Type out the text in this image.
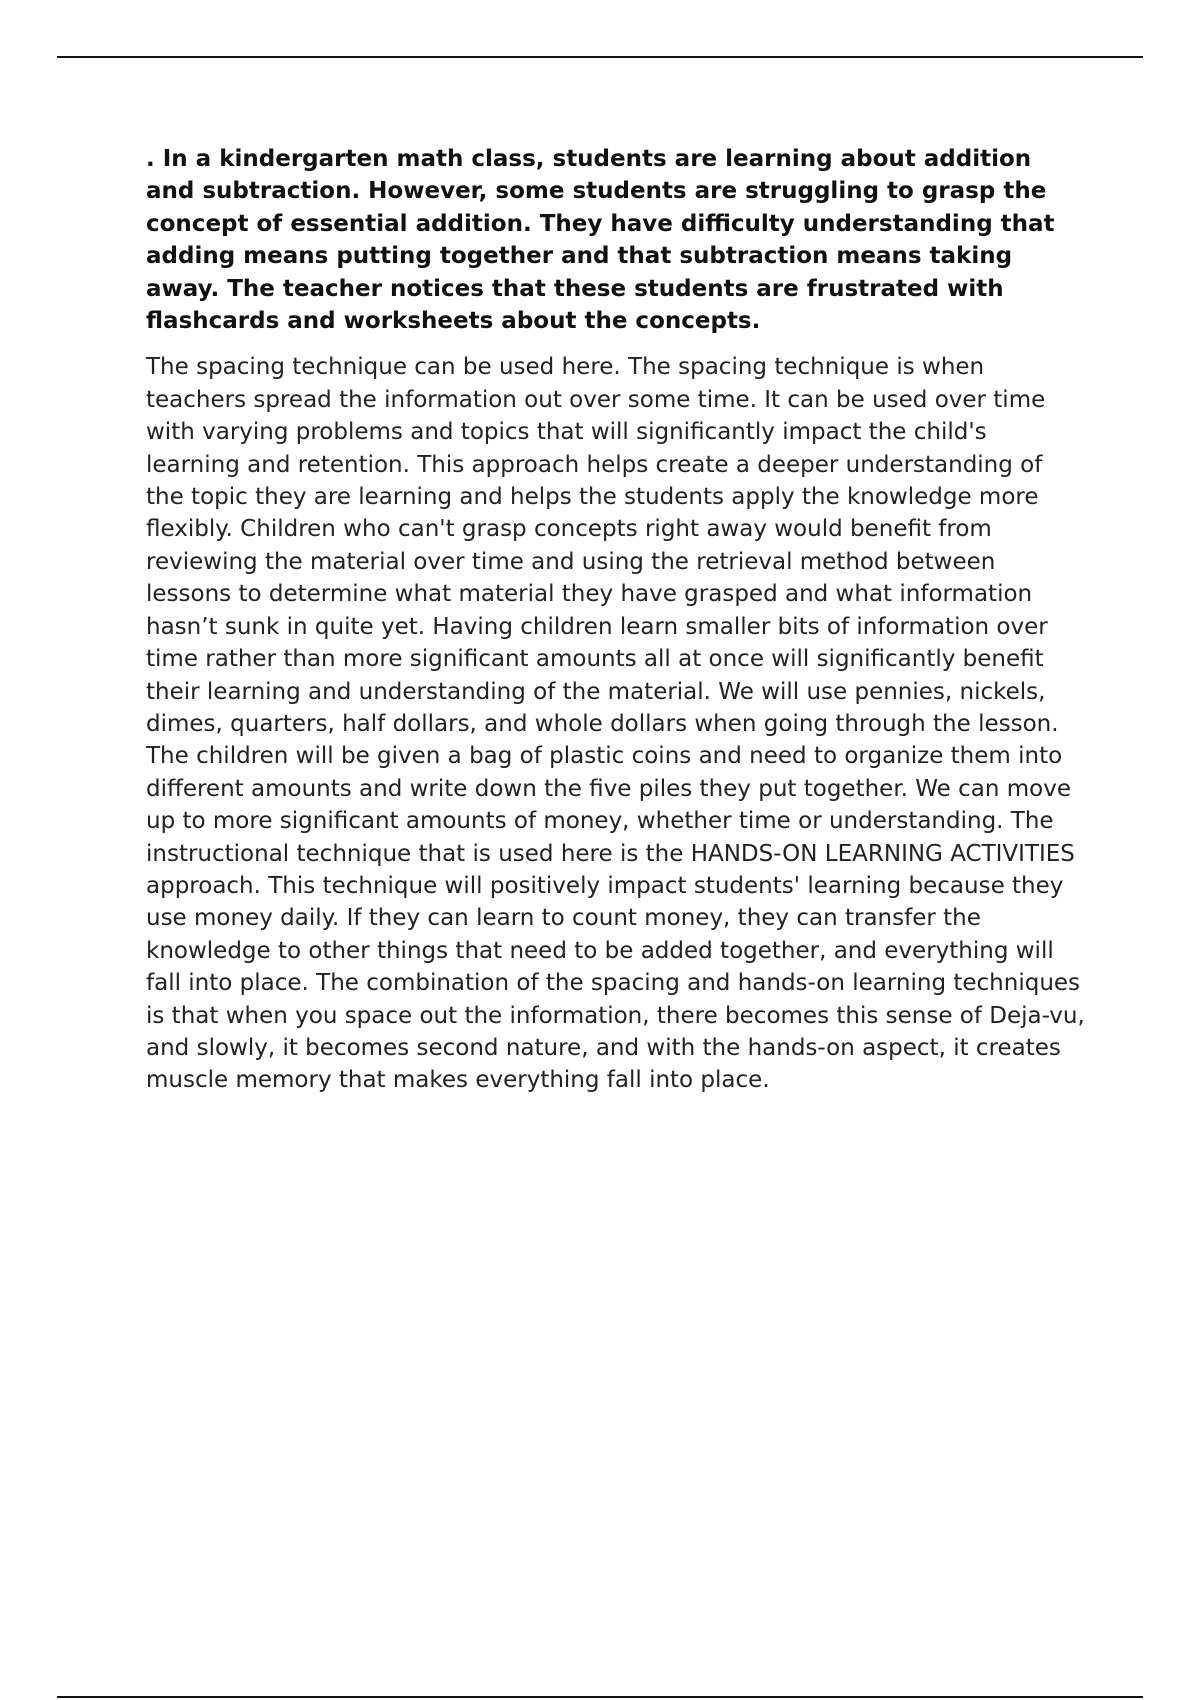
. In a kindergarten math class, students are learning about addition and subtraction. However, some students are struggling to grasp the concept of essential addition. They have difficulty understanding that adding means putting together and that subtraction means taking away. The teacher notices that these students are frustrated with flashcards and worksheets about the concepts.

The spacing technique can be used here. The spacing technique is when teachers spread the information out over some time. It can be used over time with varying problems and topics that will significantly impact the child's learning and retention. This approach helps create a deeper understanding of the topic they are learning and helps the students apply the knowledge more flexibly. Children who can't grasp concepts right away would benefit from reviewing the material over time and using the retrieval method between lessons to determine what material they have grasped and what information hasn’t sunk in quite yet. Having children learn smaller bits of information over time rather than more significant amounts all at once will significantly benefit their learning and understanding of the material. We will use pennies, nickels, dimes, quarters, half dollars, and whole dollars when going through the lesson. The children will be given a bag of plastic coins and need to organize them into different amounts and write down the five piles they put together. We can move up to more significant amounts of money, whether time or understanding. The instructional technique that is used here is the HANDS-ON LEARNING ACTIVITIES approach. This technique will positively impact students' learning because they use money daily. If they can learn to count money, they can transfer the knowledge to other things that need to be added together, and everything will fall into place. The combination of the spacing and hands-on learning techniques is that when you space out the information, there becomes this sense of Deja-vu, and slowly, it becomes second nature, and with the hands-on aspect, it creates muscle memory that makes everything fall into place.
